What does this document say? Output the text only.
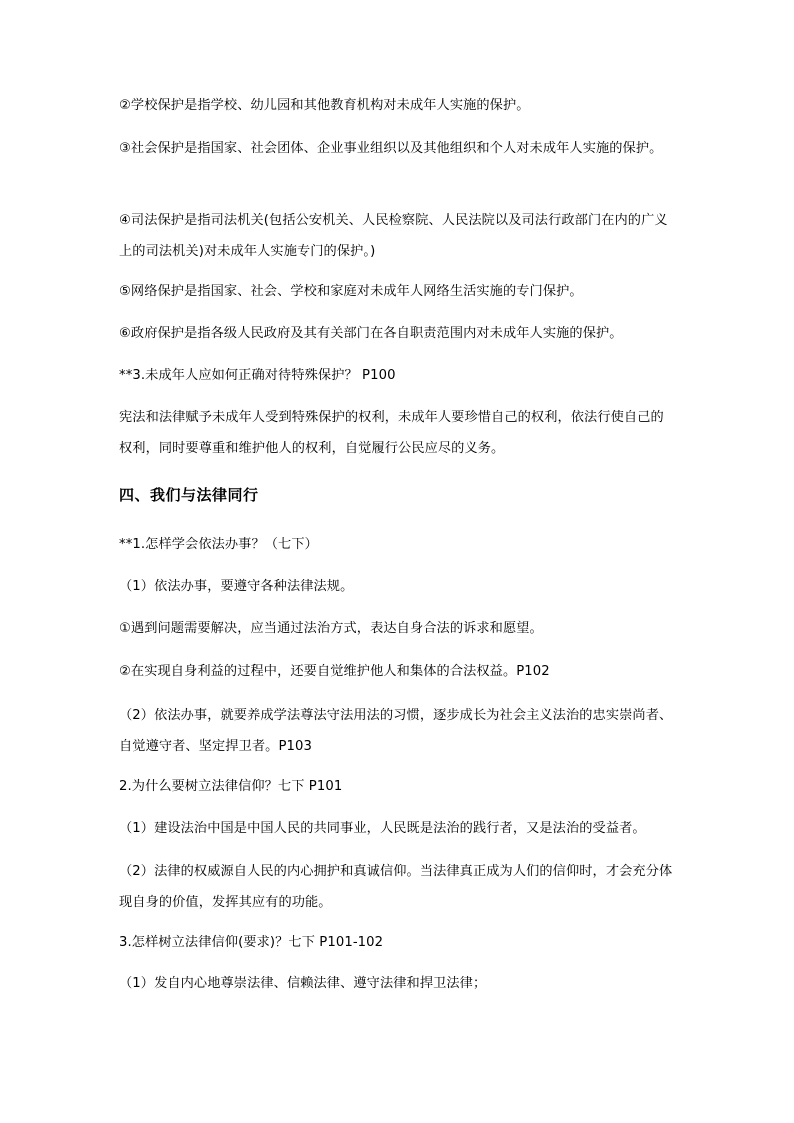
②学校保护是指学校、幼儿园和其他教育机构对未成年人实施的保护。
③社会保护是指国家、社会团体、企业事业组织以及其他组织和个人对未成年人实施的保护。
④司法保护是指司法机关(包括公安机关、人民检察院、人民法院以及司法行政部门在内的广义上的司法机关)对未成年人实施专门的保护。)
⑤网络保护是指国家、社会、学校和家庭对未成年人网络生活实施的专门保护。
⑥政府保护是指各级人民政府及其有关部门在各自职责范围内对未成年人实施的保护。
**3.未成年人应如何正确对待特殊保护？ P100
宪法和法律赋予未成年人受到特殊保护的权利，未成年人要珍惜自己的权利，依法行使自己的权利，同时要尊重和维护他人的权利，自觉履行公民应尽的义务。
四、我们与法律同行
**1.怎样学会依法办事？（七下）
（1）依法办事，要遵守各种法律法规。
①遇到问题需要解决，应当通过法治方式，表达自身合法的诉求和愿望。
②在实现自身利益的过程中，还要自觉维护他人和集体的合法权益。P102
（2）依法办事，就要养成学法尊法守法用法的习惯，逐步成长为社会主义法治的忠实崇尚者、自觉遵守者、坚定捍卫者。P103
2.为什么要树立法律信仰？七下 P101
（1）建设法治中国是中国人民的共同事业，人民既是法治的践行者，又是法治的受益者。
（2）法律的权威源自人民的内心拥护和真诚信仰。当法律真正成为人们的信仰时，才会充分体现自身的价值，发挥其应有的功能。
3.怎样树立法律信仰(要求)？七下 P101-102
（1）发自内心地尊崇法律、信赖法律、遵守法律和捍卫法律；
